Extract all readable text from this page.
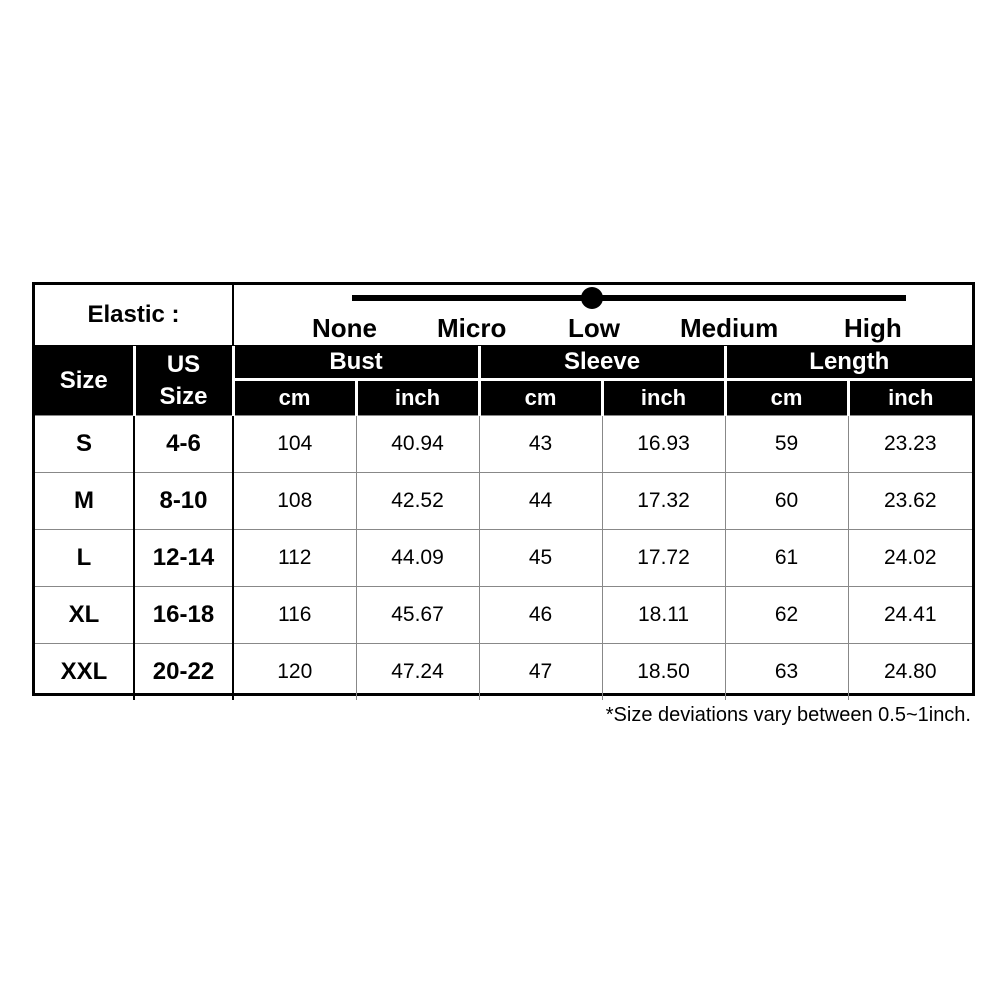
Elastic :	None Micro Low Medium	High
Size	US Size	Bust		Sleeve		Length	
		cm	inch	cm	inch	cm	inch
S	4-6	104	40.94	43	16.93	59	23.23
M	8-10	108	42.52	44	17.32	60	23.62
L	12-14	112	44.09	45	17.72	61	24.02
XL	16-18	116	45.67	46	18.11	62	24.41
XXL	20-22	120	47.24	47	18.50	63	24.80
*Size deviations vary between 0.5~1inch.
